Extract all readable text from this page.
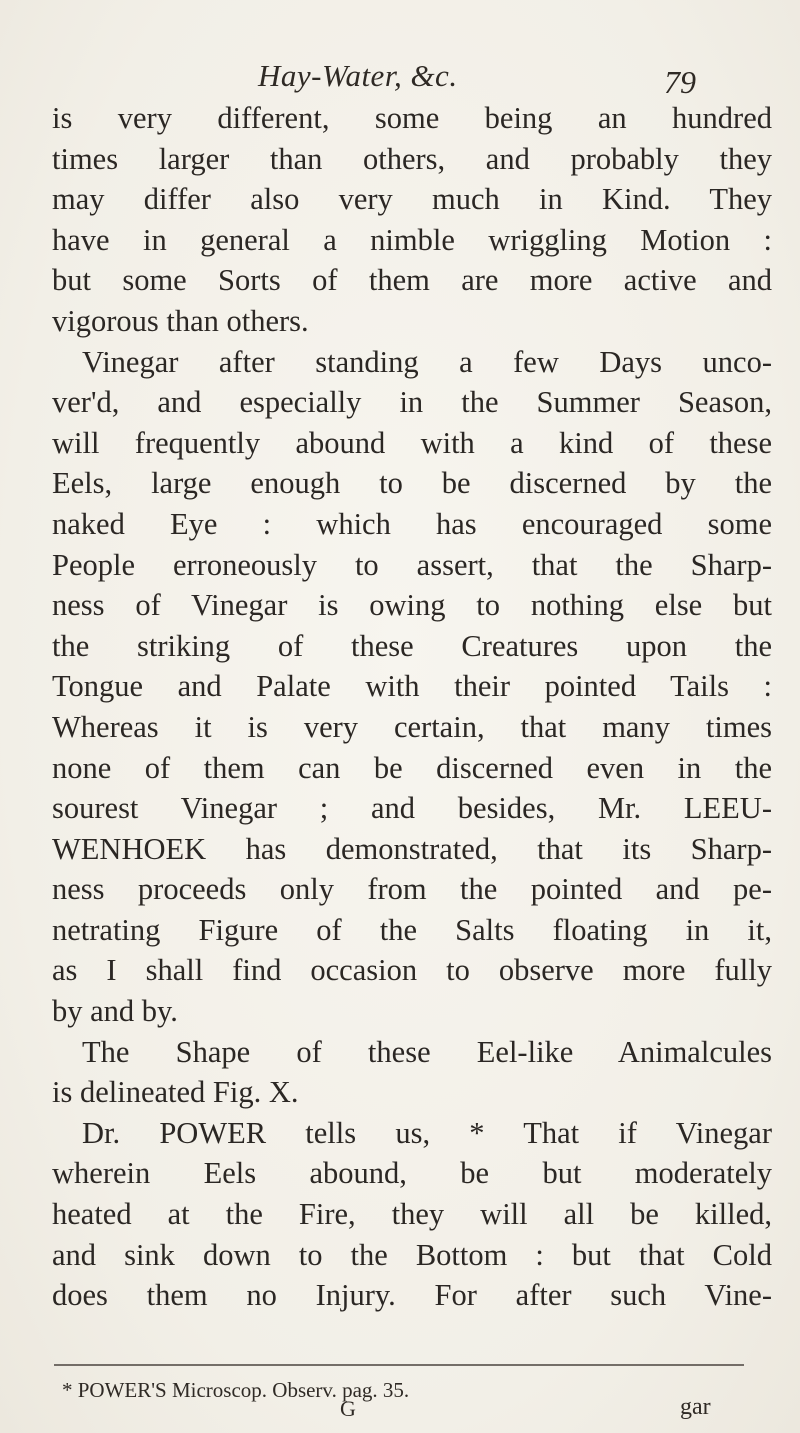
Hay-Water, &c.	79
is very different, some being an hundred
times larger than others, and probably they
may differ also very much in Kind. They
have in general a nimble wriggling Motion :
but some Sorts of them are more active and
vigorous than others.
Vinegar after standing a few Days unco-
ver'd, and especially in the Summer Season,
will frequently abound with a kind of these
Eels, large enough to be discerned by the
naked Eye : which has encouraged some
People erroneously to assert, that the Sharp-
ness of Vinegar is owing to nothing else but
the striking of these Creatures upon the
Tongue and Palate with their pointed Tails :
Whereas it is very certain, that many times
none of them can be discerned even in the
sourest Vinegar ; and besides, Mr. LEEU-
WENHOEK has demonstrated, that its Sharp-
ness proceeds only from the pointed and pe-
netrating Figure of the Salts floating in it,
as I shall find occasion to observe more fully
by and by.
The Shape of these Eel-like Animalcules
is delineated Fig. X.
Dr. POWER tells us, * That if Vinegar
wherein Eels abound, be but moderately
heated at the Fire, they will all be killed,
and sink down to the Bottom : but that Cold
does them no Injury. For after such Vine-
* POWER'S Microscop. Observ. pag. 35.
G	gar
